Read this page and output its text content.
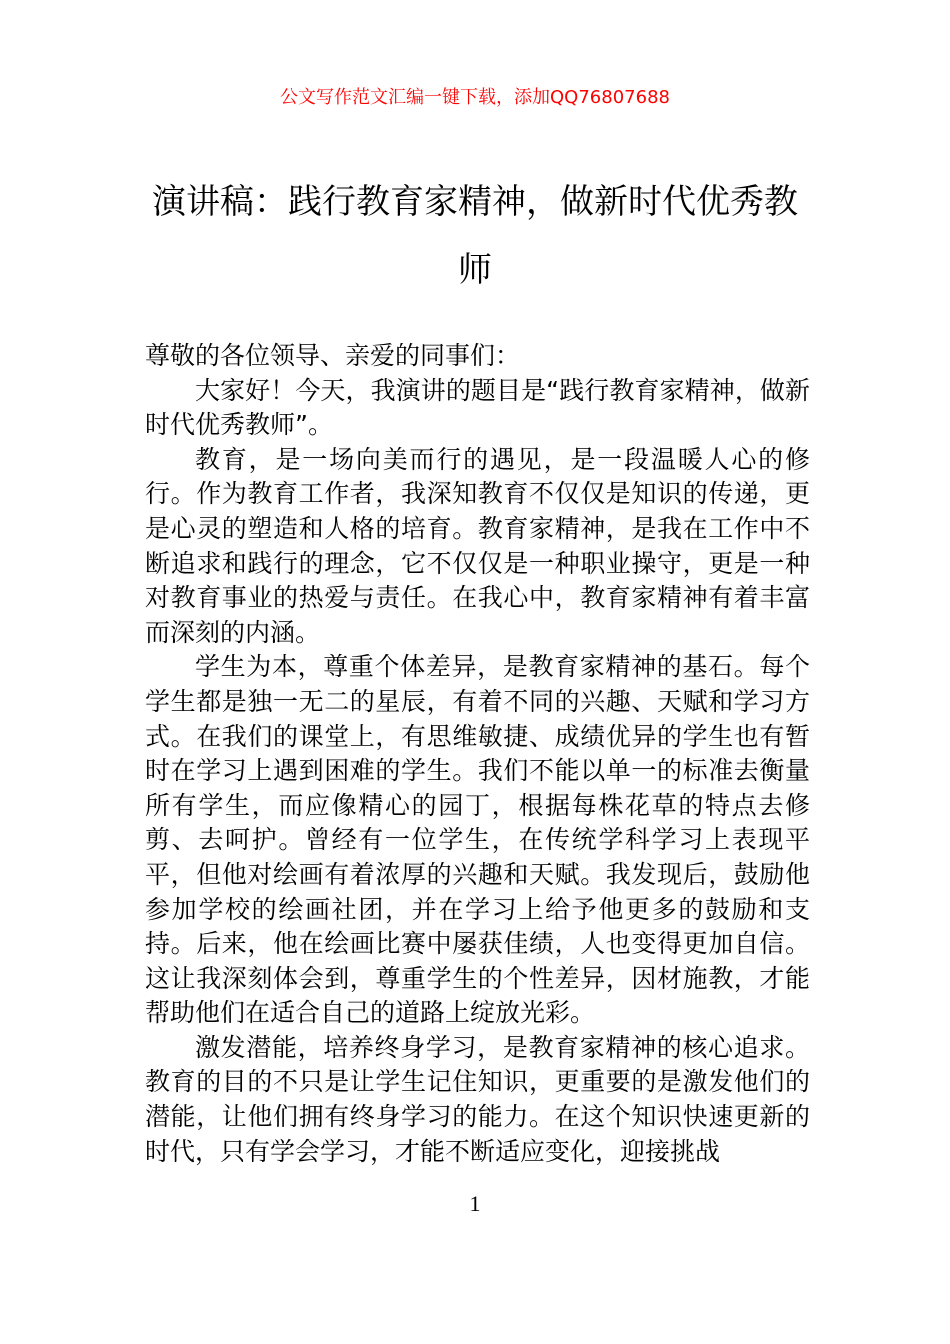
公文写作范文汇编一键下载，添加QQ76807688
演讲稿：践行教育家精神，做新时代优秀教师

尊敬的各位领导、亲爱的同事们：

大家好！今天，我演讲的题目是“践行教育家精神，做新时代优秀教师”。

教育，是一场向美而行的遇见，是一段温暖人心的修行。作为教育工作者，我深知教育不仅仅是知识的传递，更是心灵的塑造和人格的培育。教育家精神，是我在工作中不断追求和践行的理念，它不仅仅是一种职业操守，更是一种对教育事业的热爱与责任。在我心中，教育家精神有着丰富而深刻的内涵。

学生为本，尊重个体差异，是教育家精神的基石。每个学生都是独一无二的星辰，有着不同的兴趣、天赋和学习方式。在我们的课堂上，有思维敏捷、成绩优异的学生也有暂时在学习上遇到困难的学生。我们不能以单一的标准去衡量所有学生，而应像精心的园丁，根据每株花草的特点去修剪、去呵护。曾经有一位学生，在传统学科学习上表现平平，但他对绘画有着浓厚的兴趣和天赋。我发现后，鼓励他参加学校的绘画社团，并在学习上给予他更多的鼓励和支持。后来，他在绘画比赛中屡获佳绩，人也变得更加自信。这让我深刻体会到，尊重学生的个性差异，因材施教，才能帮助他们在适合自己的道路上绽放光彩。

激发潜能，培养终身学习，是教育家精神的核心追求。教育的目的不只是让学生记住知识，更重要的是激发他们的潜能，让他们拥有终身学习的能力。在这个知识快速更新的时代，只有学会学习，才能不断适应变化，迎接挑战

1
